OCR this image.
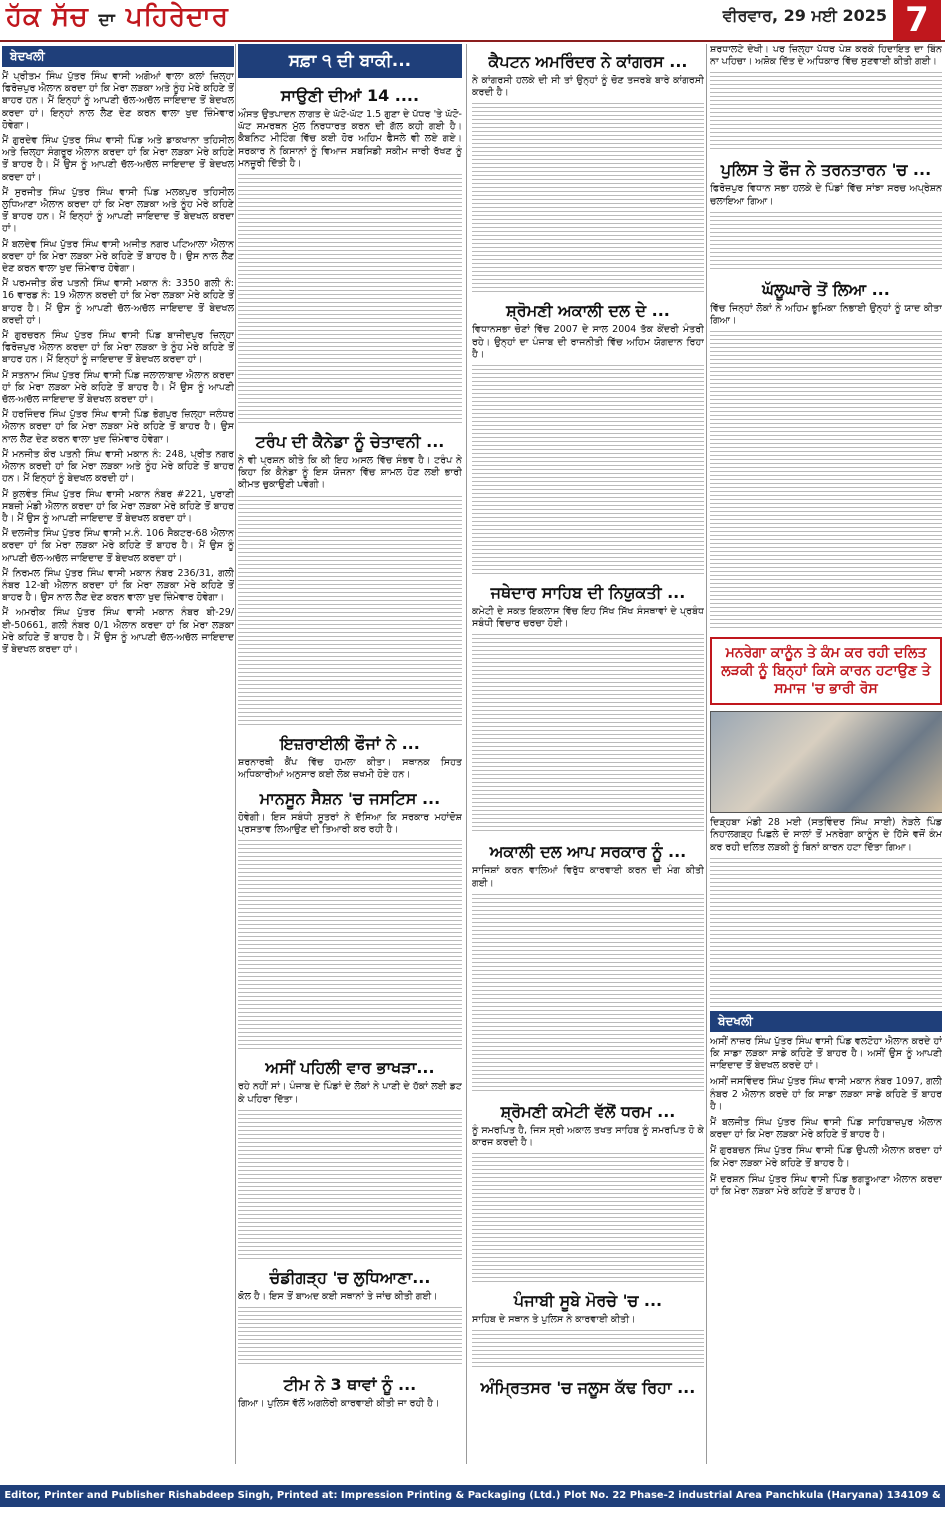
ਹੱਕ ਸੱਚ ਦਾ ਪਹਿਰੇਦਾਰ	ਵੀਰਵਾਰ, 29 ਮਈ 2025 7
ਬੇਦਖਲੀ

ਮੈਂ ਪ੍ਰੀਤਮ ਸਿੰਘ ਪੁੱਤਰ ਸਿੰਘ ਵਾਸੀ ਅਗੋਆਂ ਵਾਲਾ ਕਲਾਂ ਜ਼ਿਲ੍ਹਾ ਫਿਰੋਜ਼ਪੁਰ ਐਲਾਨ ਕਰਦਾ ਹਾਂ ਕਿ ਮੇਰਾ ਲੜਕਾ ਅਤੇ ਨੂੰਹ ਮੇਰੇ ਕਹਿਣੇ ਤੋਂ ਬਾਹਰ ਹਨ। ਮੈਂ ਇਨ੍ਹਾਂ ਨੂੰ ਆਪਣੀ ਚੱਲ-ਅਚੱਲ ਜਾਇਦਾਦ ਤੋਂ ਬੇਦਖਲ ਕਰਦਾ ਹਾਂ। ਇਨ੍ਹਾਂ ਨਾਲ ਲੈਣ ਦੇਣ ਕਰਨ ਵਾਲਾ ਖੁਦ ਜ਼ਿੰਮੇਵਾਰ ਹੋਵੇਗਾ।

ਮੈਂ ਗੁਰਦੇਵ ਸਿੰਘ ਪੁੱਤਰ ਸਿੰਘ ਵਾਸੀ ਪਿੰਡ ਅਤੇ ਡਾਕਖਾਨਾ ਤਹਿਸੀਲ ਅਤੇ ਜ਼ਿਲ੍ਹਾ ਸੰਗਰੂਰ ਐਲਾਨ ਕਰਦਾ ਹਾਂ ਕਿ ਮੇਰਾ ਲੜਕਾ ਮੇਰੇ ਕਹਿਣੇ ਤੋਂ ਬਾਹਰ ਹੈ। ਮੈਂ ਉਸ ਨੂੰ ਆਪਣੀ ਚੱਲ-ਅਚੱਲ ਜਾਇਦਾਦ ਤੋਂ ਬੇਦਖਲ ਕਰਦਾ ਹਾਂ।

ਮੈਂ ਸੁਰਜੀਤ ਸਿੰਘ ਪੁੱਤਰ ਸਿੰਘ ਵਾਸੀ ਪਿੰਡ ਮਲਕਪੁਰ ਤਹਿਸੀਲ ਲੁਧਿਆਣਾ ਐਲਾਨ ਕਰਦਾ ਹਾਂ ਕਿ ਮੇਰਾ ਲੜਕਾ ਅਤੇ ਨੂੰਹ ਮੇਰੇ ਕਹਿਣੇ ਤੋਂ ਬਾਹਰ ਹਨ। ਮੈਂ ਇਨ੍ਹਾਂ ਨੂੰ ਆਪਣੀ ਜਾਇਦਾਦ ਤੋਂ ਬੇਦਖਲ ਕਰਦਾ ਹਾਂ।

ਮੈਂ ਬਲਦੇਵ ਸਿੰਘ ਪੁੱਤਰ ਸਿੰਘ ਵਾਸੀ ਅਜੀਤ ਨਗਰ ਪਟਿਆਲਾ ਐਲਾਨ ਕਰਦਾ ਹਾਂ ਕਿ ਮੇਰਾ ਲੜਕਾ ਮੇਰੇ ਕਹਿਣੇ ਤੋਂ ਬਾਹਰ ਹੈ। ਉਸ ਨਾਲ ਲੈਣ ਦੇਣ ਕਰਨ ਵਾਲਾ ਖੁਦ ਜ਼ਿੰਮੇਵਾਰ ਹੋਵੇਗਾ।

ਮੈਂ ਪਰਮਜੀਤ ਕੌਰ ਪਤਨੀ ਸਿੰਘ ਵਾਸੀ ਮਕਾਨ ਨੰ: 3350 ਗਲੀ ਨੰ: 16 ਵਾਰਡ ਨੰ: 19 ਐਲਾਨ ਕਰਦੀ ਹਾਂ ਕਿ ਮੇਰਾ ਲੜਕਾ ਮੇਰੇ ਕਹਿਣੇ ਤੋਂ ਬਾਹਰ ਹੈ। ਮੈਂ ਉਸ ਨੂੰ ਆਪਣੀ ਚੱਲ-ਅਚੱਲ ਜਾਇਦਾਦ ਤੋਂ ਬੇਦਖਲ ਕਰਦੀ ਹਾਂ।

ਮੈਂ ਗੁਰਚਰਨ ਸਿੰਘ ਪੁੱਤਰ ਸਿੰਘ ਵਾਸੀ ਪਿੰਡ ਬਾਜੀਦਪੁਰ ਜ਼ਿਲ੍ਹਾ ਫਿਰੋਜ਼ਪੁਰ ਐਲਾਨ ਕਰਦਾ ਹਾਂ ਕਿ ਮੇਰਾ ਲੜਕਾ ਤੇ ਨੂੰਹ ਮੇਰੇ ਕਹਿਣੇ ਤੋਂ ਬਾਹਰ ਹਨ। ਮੈਂ ਇਨ੍ਹਾਂ ਨੂੰ ਜਾਇਦਾਦ ਤੋਂ ਬੇਦਖਲ ਕਰਦਾ ਹਾਂ।

ਮੈਂ ਸਤਨਾਮ ਸਿੰਘ ਪੁੱਤਰ ਸਿੰਘ ਵਾਸੀ ਪਿੰਡ ਜਲਾਲਾਬਾਦ ਐਲਾਨ ਕਰਦਾ ਹਾਂ ਕਿ ਮੇਰਾ ਲੜਕਾ ਮੇਰੇ ਕਹਿਣੇ ਤੋਂ ਬਾਹਰ ਹੈ। ਮੈਂ ਉਸ ਨੂੰ ਆਪਣੀ ਚੱਲ-ਅਚੱਲ ਜਾਇਦਾਦ ਤੋਂ ਬੇਦਖਲ ਕਰਦਾ ਹਾਂ।

ਮੈਂ ਹਰਜਿੰਦਰ ਸਿੰਘ ਪੁੱਤਰ ਸਿੰਘ ਵਾਸੀ ਪਿੰਡ ਭੋਗਪੁਰ ਜ਼ਿਲ੍ਹਾ ਜਲੰਧਰ ਐਲਾਨ ਕਰਦਾ ਹਾਂ ਕਿ ਮੇਰਾ ਲੜਕਾ ਮੇਰੇ ਕਹਿਣੇ ਤੋਂ ਬਾਹਰ ਹੈ। ਉਸ ਨਾਲ ਲੈਣ ਦੇਣ ਕਰਨ ਵਾਲਾ ਖੁਦ ਜ਼ਿੰਮੇਵਾਰ ਹੋਵੇਗਾ।

ਮੈਂ ਮਨਜੀਤ ਕੌਰ ਪਤਨੀ ਸਿੰਘ ਵਾਸੀ ਮਕਾਨ ਨੰ: 248, ਪ੍ਰੀਤ ਨਗਰ ਐਲਾਨ ਕਰਦੀ ਹਾਂ ਕਿ ਮੇਰਾ ਲੜਕਾ ਅਤੇ ਨੂੰਹ ਮੇਰੇ ਕਹਿਣੇ ਤੋਂ ਬਾਹਰ ਹਨ। ਮੈਂ ਇਨ੍ਹਾਂ ਨੂੰ ਬੇਦਖਲ ਕਰਦੀ ਹਾਂ।

ਮੈਂ ਕੁਲਵੰਤ ਸਿੰਘ ਪੁੱਤਰ ਸਿੰਘ ਵਾਸੀ ਮਕਾਨ ਨੰਬਰ #221, ਪੁਰਾਣੀ ਸਬਜ਼ੀ ਮੰਡੀ ਐਲਾਨ ਕਰਦਾ ਹਾਂ ਕਿ ਮੇਰਾ ਲੜਕਾ ਮੇਰੇ ਕਹਿਣੇ ਤੋਂ ਬਾਹਰ ਹੈ। ਮੈਂ ਉਸ ਨੂੰ ਆਪਣੀ ਜਾਇਦਾਦ ਤੋਂ ਬੇਦਖਲ ਕਰਦਾ ਹਾਂ।

ਮੈਂ ਦਲਜੀਤ ਸਿੰਘ ਪੁੱਤਰ ਸਿੰਘ ਵਾਸੀ ਮ.ਨੰ. 106 ਸੈਕਟਰ-68 ਐਲਾਨ ਕਰਦਾ ਹਾਂ ਕਿ ਮੇਰਾ ਲੜਕਾ ਮੇਰੇ ਕਹਿਣੇ ਤੋਂ ਬਾਹਰ ਹੈ। ਮੈਂ ਉਸ ਨੂੰ ਆਪਣੀ ਚੱਲ-ਅਚੱਲ ਜਾਇਦਾਦ ਤੋਂ ਬੇਦਖਲ ਕਰਦਾ ਹਾਂ।

ਮੈਂ ਨਿਰਮਲ ਸਿੰਘ ਪੁੱਤਰ ਸਿੰਘ ਵਾਸੀ ਮਕਾਨ ਨੰਬਰ 236/31, ਗਲੀ ਨੰਬਰ 12-ਬੀ ਐਲਾਨ ਕਰਦਾ ਹਾਂ ਕਿ ਮੇਰਾ ਲੜਕਾ ਮੇਰੇ ਕਹਿਣੇ ਤੋਂ ਬਾਹਰ ਹੈ। ਉਸ ਨਾਲ ਲੈਣ ਦੇਣ ਕਰਨ ਵਾਲਾ ਖੁਦ ਜ਼ਿੰਮੇਵਾਰ ਹੋਵੇਗਾ।

ਮੈਂ ਅਮਰੀਕ ਸਿੰਘ ਪੁੱਤਰ ਸਿੰਘ ਵਾਸੀ ਮਕਾਨ ਨੰਬਰ ਬੀ-29/ਈ-50661, ਗਲੀ ਨੰਬਰ 0/1 ਐਲਾਨ ਕਰਦਾ ਹਾਂ ਕਿ ਮੇਰਾ ਲੜਕਾ ਮੇਰੇ ਕਹਿਣੇ ਤੋਂ ਬਾਹਰ ਹੈ। ਮੈਂ ਉਸ ਨੂੰ ਆਪਣੀ ਚੱਲ-ਅਚੱਲ ਜਾਇਦਾਦ ਤੋਂ ਬੇਦਖਲ ਕਰਦਾ ਹਾਂ।

ਸਫ਼ਾ ੧ ਦੀ ਬਾਕੀ...
ਸਾਉਣੀ ਦੀਆਂ 14 ....

ਔਸਤ ਉਤਪਾਦਨ ਲਾਗਤ ਦੇ ਘੱਟੋ-ਘੱਟ 1.5 ਗੁਣਾ ਦੇ ਪੱਧਰ 'ਤੇ ਘੱਟੋ-ਘੱਟ ਸਮਰਥਨ ਮੁੱਲ ਨਿਰਧਾਰਤ ਕਰਨ ਦੀ ਗੱਲ ਕਹੀ ਗਈ ਹੈ। ਕੈਬਨਿਟ ਮੀਟਿੰਗ ਵਿੱਚ ਕਈ ਹੋਰ ਅਹਿਮ ਫੈਸਲੇ ਵੀ ਲਏ ਗਏ। ਸਰਕਾਰ ਨੇ ਕਿਸਾਨਾਂ ਨੂੰ ਵਿਆਜ ਸਬਸਿਡੀ ਸਕੀਮ ਜਾਰੀ ਰੱਖਣ ਨੂੰ ਮਨਜ਼ੂਰੀ ਦਿੱਤੀ ਹੈ।

ਟਰੰਪ ਦੀ ਕੈਨੇਡਾ ਨੂੰ ਚੇਤਾਵਨੀ ...

ਨੇ ਵੀ ਪ੍ਰਸ਼ਨ ਕੀਤੇ ਕਿ ਕੀ ਇਹ ਅਸਲ ਵਿੱਚ ਸੰਭਵ ਹੈ। ਟਰੰਪ ਨੇ ਕਿਹਾ ਕਿ ਕੈਨੇਡਾ ਨੂੰ ਇਸ ਯੋਜਨਾ ਵਿੱਚ ਸ਼ਾਮਲ ਹੋਣ ਲਈ ਭਾਰੀ ਕੀਮਤ ਚੁਕਾਉਣੀ ਪਵੇਗੀ।

ਇਜ਼ਰਾਈਲੀ ਫੌਜਾਂ ਨੇ ...

ਸ਼ਰਨਾਰਥੀ ਕੈਂਪ ਵਿੱਚ ਹਮਲਾ ਕੀਤਾ। ਸਥਾਨਕ ਸਿਹਤ ਅਧਿਕਾਰੀਆਂ ਅਨੁਸਾਰ ਕਈ ਲੋਕ ਜ਼ਖਮੀ ਹੋਏ ਹਨ।

ਮਾਨਸੂਨ ਸੈਸ਼ਨ 'ਚ ਜਸਟਿਸ ...

ਹੋਵੇਗੀ। ਇਸ ਸਬੰਧੀ ਸੂਤਰਾਂ ਨੇ ਦੱਸਿਆ ਕਿ ਸਰਕਾਰ ਮਹਾਂਦੋਸ਼ ਪ੍ਰਸਤਾਵ ਲਿਆਉਣ ਦੀ ਤਿਆਰੀ ਕਰ ਰਹੀ ਹੈ।

ਅਸੀਂ ਪਹਿਲੀ ਵਾਰ ਭਾਖੜਾ...

ਰਹੇ ਨਹੀਂ ਸਾਂ। ਪੰਜਾਬ ਦੇ ਪਿੰਡਾਂ ਦੇ ਲੋਕਾਂ ਨੇ ਪਾਣੀ ਦੇ ਹੱਕਾਂ ਲਈ ਡਟ ਕੇ ਪਹਿਰਾ ਦਿੱਤਾ।

ਚੰਡੀਗੜ੍ਹ 'ਚ ਲੁਧਿਆਣਾ...

ਕੋਲ ਹੈ। ਇਸ ਤੋਂ ਬਾਅਦ ਕਈ ਸਥਾਨਾਂ ਤੇ ਜਾਂਚ ਕੀਤੀ ਗਈ।

ਟੀਮ ਨੇ 3 ਥਾਵਾਂ ਨੂੰ ...

ਗਿਆ। ਪੁਲਿਸ ਵੱਲੋਂ ਅਗਲੇਰੀ ਕਾਰਵਾਈ ਕੀਤੀ ਜਾ ਰਹੀ ਹੈ।

ਕੈਪਟਨ ਅਮਰਿੰਦਰ ਨੇ ਕਾਂਗਰਸ ...

ਨੇ ਕਾਂਗਰਸੀ ਹਲਕੇ ਦੀ ਸੀ ਤਾਂ ਉਨ੍ਹਾਂ ਨੂੰ ਚੋਣ ਤਜਰਬੇ ਬਾਰੇ ਕਾਂਗਰਸੀ ਕਰਦੀ ਹੈ।

ਸ਼੍ਰੋਮਣੀ ਅਕਾਲੀ ਦਲ ਦੇ ...

ਵਿਧਾਨਸਭਾ ਚੋਣਾਂ ਵਿੱਚ 2007 ਦੇ ਸਾਲ 2004 ਤੱਕ ਕੇਂਦਰੀ ਮੰਤਰੀ ਰਹੇ। ਉਨ੍ਹਾਂ ਦਾ ਪੰਜਾਬ ਦੀ ਰਾਜਨੀਤੀ ਵਿੱਚ ਅਹਿਮ ਯੋਗਦਾਨ ਰਿਹਾ ਹੈ।

ਜਥੇਦਾਰ ਸਾਹਿਬ ਦੀ ਨਿਯੁਕਤੀ ...

ਕਮੇਟੀ ਦੇ ਸਕਤ ਇਕਲਾਸ ਵਿੱਚ ਇਹ ਸਿੱਖ ਸਿੱਖ ਸੰਸਥਾਵਾਂ ਦੇ ਪ੍ਰਬੰਧ ਸਬੰਧੀ ਵਿਚਾਰ ਚਰਚਾ ਹੋਈ।

ਅਕਾਲੀ ਦਲ ਆਪ ਸਰਕਾਰ ਨੂੰ ...

ਸਾਜਿਸ਼ਾਂ ਕਰਨ ਵਾਲਿਆਂ ਵਿਰੁੱਧ ਕਾਰਵਾਈ ਕਰਨ ਦੀ ਮੰਗ ਕੀਤੀ ਗਈ।

ਸ਼੍ਰੋਮਣੀ ਕਮੇਟੀ ਵੱਲੋਂ ਧਰਮ ...

ਨੂੰ ਸਮਰਪਿਤ ਹੈ, ਜਿਸ ਸ੍ਰੀ ਅਕਾਲ ਤਖਤ ਸਾਹਿਬ ਨੂੰ ਸਮਰਪਿਤ ਹੋ ਕੇ ਕਾਰਜ ਕਰਦੀ ਹੈ।

ਪੰਜਾਬੀ ਸੂਬੇ ਮੋਰਚੇ 'ਚ ...

ਸਾਹਿਬ ਦੇ ਸਥਾਨ ਤੇ ਪੁਲਿਸ ਨੇ ਕਾਰਵਾਈ ਕੀਤੀ।

ਅੰਮ੍ਰਿਤਸਰ 'ਚ ਜਲੂਸ ਕੱਢ ਰਿਹਾ ...

ਸ਼ਰਧਾਲਟੇ ਦੇਖੀ। ਪਰ ਜ਼ਿਲ੍ਹਾ ਪੱਧਰ ਪੇਸ਼ ਕਰਕੇ ਹਿਦਾਇਤ ਦਾ ਬਿੰਨ ਨਾ ਪਹਿਚਾ। ਅਸ਼ੋਕ ਦਿੱਤ ਦੇ ਅਧਿਕਾਰ ਵਿੱਚ ਸੁਣਵਾਈ ਕੀਤੀ ਗਈ।

ਪੁਲਿਸ ਤੇ ਫੌਜ ਨੇ ਤਰਨਤਾਰਨ 'ਚ ...

ਫਿਰੋਜ਼ਪੁਰ ਵਿਧਾਨ ਸਭਾ ਹਲਕੇ ਦੇ ਪਿੰਡਾਂ ਵਿੱਚ ਸਾਂਝਾ ਸਰਚ ਅਪ੍ਰੇਸ਼ਨ ਚਲਾਇਆ ਗਿਆ।

ਘੱਲੂਘਾਰੇ ਤੋਂ ਲਿਆ ...

ਵਿੱਚ ਜਿਨ੍ਹਾਂ ਲੋਕਾਂ ਨੇ ਅਹਿਮ ਭੂਮਿਕਾ ਨਿਭਾਈ ਉਨ੍ਹਾਂ ਨੂੰ ਯਾਦ ਕੀਤਾ ਗਿਆ।

ਮਨਰੇਗਾ ਕਾਨੂੰਨ ਤੇ ਕੰਮ ਕਰ ਰਹੀ ਦਲਿਤ ਲੜਕੀ ਨੂੰ ਬਿਨ੍ਹਾਂ ਕਿਸੇ ਕਾਰਨ ਹਟਾਉਣ ਤੇ ਸਮਾਜ 'ਚ ਭਾਰੀ ਰੋਸ

ਦਿੜ੍ਹਬਾ ਮੰਡੀ 28 ਮਈ (ਸਤਵਿੰਦਰ ਸਿੰਘ ਸਾਈ) ਨੇੜਲੇ ਪਿੰਡ ਨਿਹਾਲਗੜ੍ਹ ਪਿਛਲੇ ਦੋ ਸਾਲਾਂ ਤੋਂ ਮਨਰੇਗਾ ਕਾਨੂੰਨ ਦੇ ਹਿੱਸੇ ਵਜੋਂ ਕੰਮ ਕਰ ਰਹੀ ਦਲਿਤ ਲੜਕੀ ਨੂੰ ਬਿਨਾਂ ਕਾਰਨ ਹਟਾ ਦਿੱਤਾ ਗਿਆ।

ਬੇਦਖਲੀ

ਅਸੀਂ ਨਾਜ਼ਰ ਸਿੰਘ ਪੁੱਤਰ ਸਿੰਘ ਵਾਸੀ ਪਿੰਡ ਵਲਟੋਹਾ ਐਲਾਨ ਕਰਦੇ ਹਾਂ ਕਿ ਸਾਡਾ ਲੜਕਾ ਸਾਡੇ ਕਹਿਣੇ ਤੋਂ ਬਾਹਰ ਹੈ। ਅਸੀਂ ਉਸ ਨੂੰ ਆਪਣੀ ਜਾਇਦਾਦ ਤੋਂ ਬੇਦਖਲ ਕਰਦੇ ਹਾਂ।

ਅਸੀਂ ਜਸਵਿੰਦਰ ਸਿੰਘ ਪੁੱਤਰ ਸਿੰਘ ਵਾਸੀ ਮਕਾਨ ਨੰਬਰ 1097, ਗਲੀ ਨੰਬਰ 2 ਐਲਾਨ ਕਰਦੇ ਹਾਂ ਕਿ ਸਾਡਾ ਲੜਕਾ ਸਾਡੇ ਕਹਿਣੇ ਤੋਂ ਬਾਹਰ ਹੈ।

ਮੈਂ ਬਲਜੀਤ ਸਿੰਘ ਪੁੱਤਰ ਸਿੰਘ ਵਾਸੀ ਪਿੰਡ ਸਾਹਿਬਾਜ਼ਪੁਰ ਐਲਾਨ ਕਰਦਾ ਹਾਂ ਕਿ ਮੇਰਾ ਲੜਕਾ ਮੇਰੇ ਕਹਿਣੇ ਤੋਂ ਬਾਹਰ ਹੈ।

ਮੈਂ ਗੁਰਬਚਨ ਸਿੰਘ ਪੁੱਤਰ ਸਿੰਘ ਵਾਸੀ ਪਿੰਡ ਉਪਲੀ ਐਲਾਨ ਕਰਦਾ ਹਾਂ ਕਿ ਮੇਰਾ ਲੜਕਾ ਮੇਰੇ ਕਹਿਣੇ ਤੋਂ ਬਾਹਰ ਹੈ।

ਮੈਂ ਦਰਸ਼ਨ ਸਿੰਘ ਪੁੱਤਰ ਸਿੰਘ ਵਾਸੀ ਪਿੰਡ ਭਗਤੂਆਣਾ ਐਲਾਨ ਕਰਦਾ ਹਾਂ ਕਿ ਮੇਰਾ ਲੜਕਾ ਮੇਰੇ ਕਹਿਣੇ ਤੋਂ ਬਾਹਰ ਹੈ।

Editor, Printer and Publisher Rishabdeep Singh, Printed at: Impression Printing & Packaging (Ltd.) Plot No. 22 Phase-2 industrial Area Panchkula (Haryana) 134109 & Published From 3223, First Floor, Sector-35D, Chandigarh
